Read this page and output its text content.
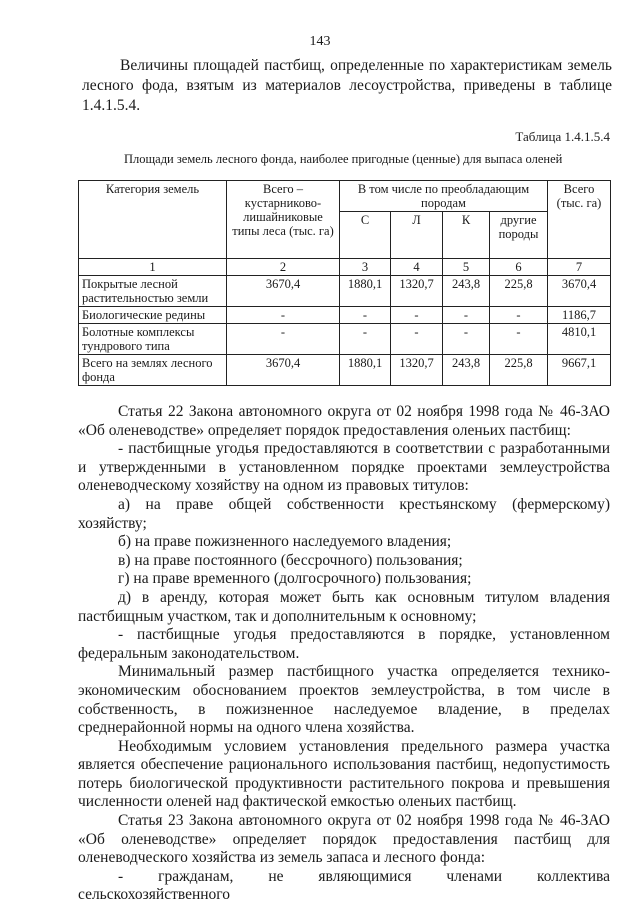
143

Величины площадей пастбищ, определенные по характеристикам земель лесного фода, взятым из материалов лесоустройства, приведены в таблице 1.4.1.5.4.

Таблица 1.4.1.5.4
Площади земель лесного фонда, наиболее пригодные (ценные) для выпаса оленей
Категория земель	Всего – кустарниково-лишайниковые типы леса (тыс. га)	В том числе по преобладающим породам				Всего (тыс. га)
		С	Л	К	другие породы	
1	2	3	4	5	6	7
Покрытые лесной растительностью земли	3670,4	1880,1	1320,7	243,8	225,8	3670,4
Биологические редины	-	-	-	-	-	1186,7
Болотные комплексы тундрового типа	-	-	-	-	-	4810,1
Всего на землях лесного фонда	3670,4	1880,1	1320,7	243,8	225,8	9667,1

Статья 22 Закона автономного округа от 02 ноября 1998 года № 46-ЗАО «Об оленеводстве» определяет порядок предоставления оленьих пастбищ:

- пастбищные угодья предоставляются в соответствии с разработанными и утвержденными в установленном порядке проектами землеустройства оленеводческому хозяйству на одном из правовых титулов:

а) на праве общей собственности крестьянскому (фермерскому) хозяйству;

б) на праве пожизненного наследуемого владения;

в) на праве постоянного (бессрочного) пользования;

г) на праве временного (долгосрочного) пользования;

д) в аренду, которая может быть как основным титулом владения пастбищным участком, так и дополнительным к основному;

- пастбищные угодья предоставляются в порядке, установленном федеральным законодательством.

Минимальный размер пастбищного участка определяется технико-экономическим обоснованием проектов землеустройства, в том числе в собственность, в пожизненное наследуемое владение, в пределах среднерайонной нормы на одного члена хозяйства.

Необходимым условием установления предельного размера участка является обеспечение рационального использования пастбищ, недопустимость потерь биологической продуктивности растительного покрова и превышения численности оленей над фактической емкостью оленьих пастбищ.

Статья 23 Закона автономного округа от 02 ноября 1998 года № 46-ЗАО «Об оленеводстве» определяет порядок предоставления пастбищ для оленеводческого хозяйства из земель запаса и лесного фонда:

- гражданам, не являющимися членами коллектива сельскохозяйственного
